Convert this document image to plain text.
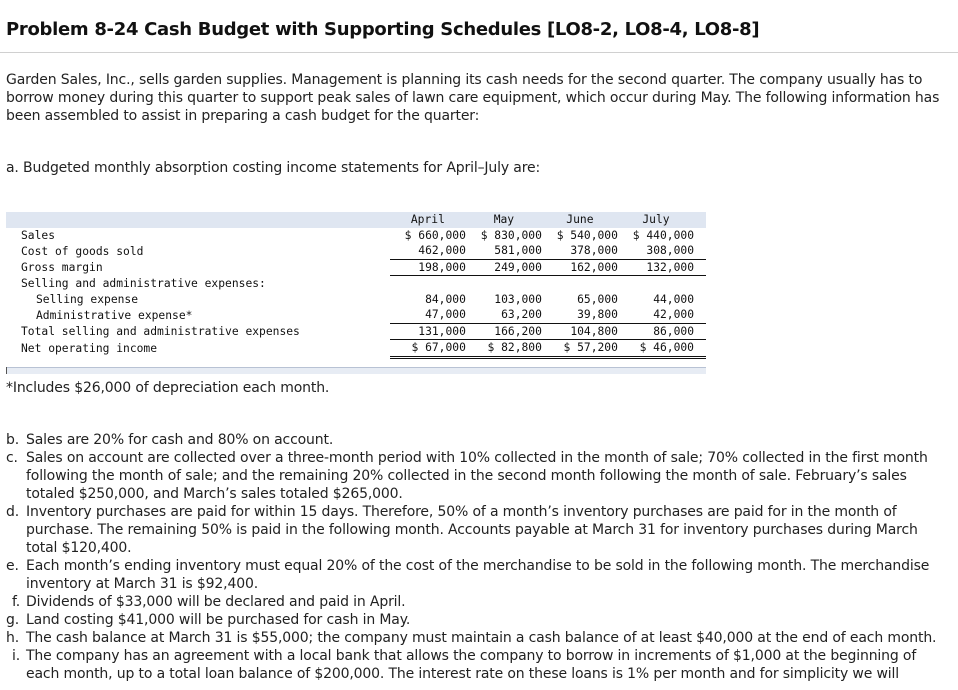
Problem 8-24 Cash Budget with Supporting Schedules [LO8-2, LO8-4, LO8-8]

Garden Sales, Inc., sells garden supplies. Management is planning its cash needs for the second quarter. The company usually has to borrow money during this quarter to support peak sales of lawn care equipment, which occur during May. The following information has been assembled to assist in preparing a cash budget for the quarter:

a. Budgeted monthly absorption costing income statements for April–July are:

	April	May	June	July
Sales	$ 660,000	$ 830,000	$ 540,000	$ 440,000
Cost of goods sold	462,000	581,000	378,000	308,000
Gross margin	198,000	249,000	162,000	132,000
Selling and administrative expenses:				
Selling expense	84,000	103,000	65,000	44,000
Administrative expense*	47,000	63,200	39,800	42,000
Total selling and administrative expenses	131,000	166,200	104,800	86,000
Net operating income	$ 67,000	$ 82,800	$ 57,200	$ 46,000

*Includes $26,000 of depreciation each month.

b. Sales are 20% for cash and 80% on account.
c. Sales on account are collected over a three-month period with 10% collected in the month of sale; 70% collected in the first month following the month of sale; and the remaining 20% collected in the second month following the month of sale. February’s sales totaled $250,000, and March’s sales totaled $265,000.
d. Inventory purchases are paid for within 15 days. Therefore, 50% of a month’s inventory purchases are paid for in the month of purchase. The remaining 50% is paid in the following month. Accounts payable at March 31 for inventory purchases during March total $120,400.
e. Each month’s ending inventory must equal 20% of the cost of the merchandise to be sold in the following month. The merchandise inventory at March 31 is $92,400.
f. Dividends of $33,000 will be declared and paid in April.
g. Land costing $41,000 will be purchased for cash in May.
h. The cash balance at March 31 is $55,000; the company must maintain a cash balance of at least $40,000 at the end of each month.
i. The company has an agreement with a local bank that allows the company to borrow in increments of $1,000 at the beginning of each month, up to a total loan balance of $200,000. The interest rate on these loans is 1% per month and for simplicity we will
